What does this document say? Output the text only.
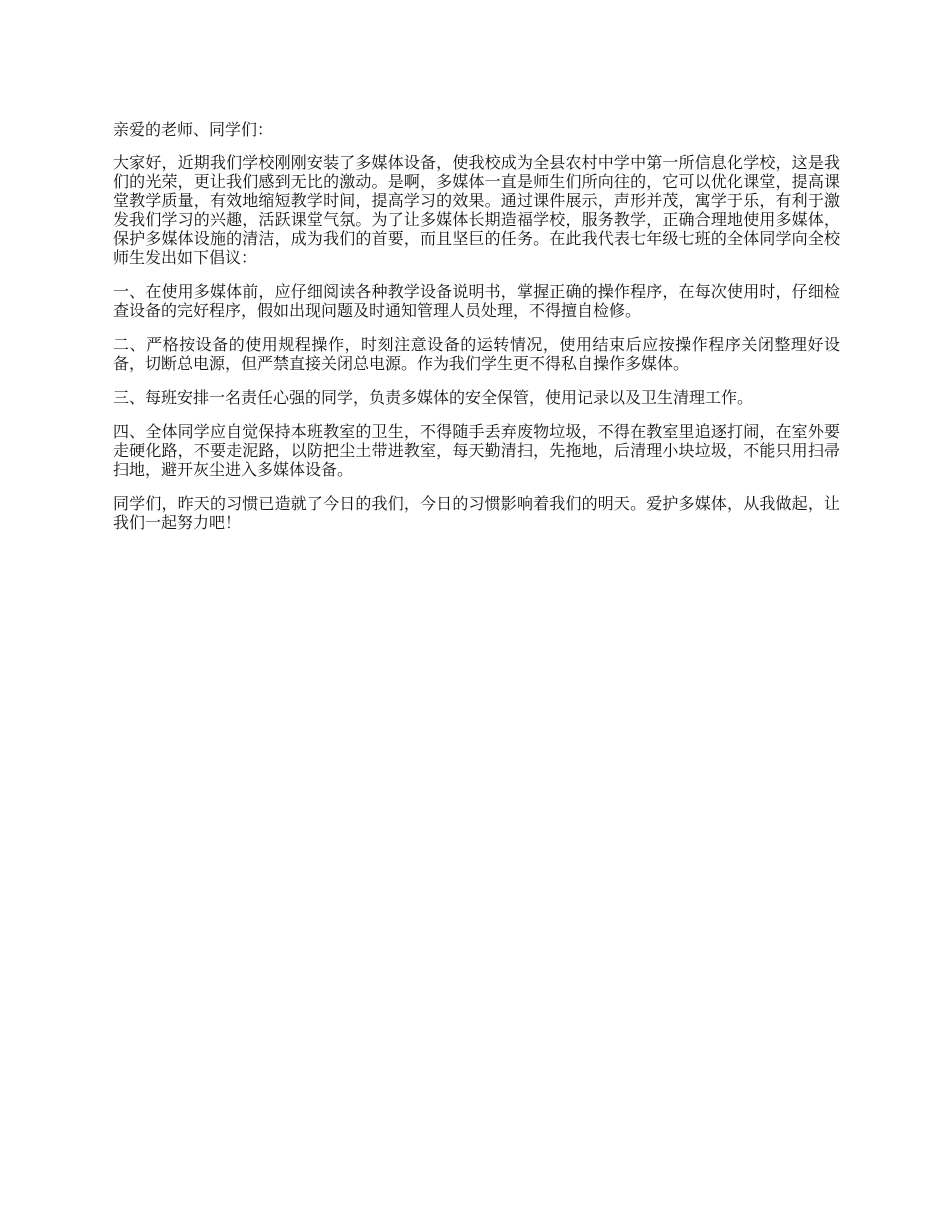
亲爱的老师、同学们：

大家好，近期我们学校刚刚安装了多媒体设备，使我校成为全县农村中学中第一所信息化学校，这是我们的光荣，更让我们感到无比的激动。是啊，多媒体一直是师生们所向往的，它可以优化课堂，提高课堂教学质量，有效地缩短教学时间，提高学习的效果。通过课件展示，声形并茂，寓学于乐，有利于激发我们学习的兴趣，活跃课堂气氛。为了让多媒体长期造福学校，服务教学，正确合理地使用多媒体，保护多媒体设施的清洁，成为我们的首要，而且坚巨的任务。在此我代表七年级七班的全体同学向全校师生发出如下倡议：

一、在使用多媒体前，应仔细阅读各种教学设备说明书，掌握正确的操作程序，在每次使用时，仔细检查设备的完好程序，假如出现问题及时通知管理人员处理，不得擅自检修。

二、严格按设备的使用规程操作，时刻注意设备的运转情况，使用结束后应按操作程序关闭整理好设备，切断总电源，但严禁直接关闭总电源。作为我们学生更不得私自操作多媒体。

三、每班安排一名责任心强的同学，负责多媒体的安全保管，使用记录以及卫生清理工作。

四、全体同学应自觉保持本班教室的卫生，不得随手丢弃废物垃圾，不得在教室里追逐打闹，在室外要走硬化路，不要走泥路，以防把尘土带进教室，每天勤清扫，先拖地，后清理小块垃圾，不能只用扫帚扫地，避开灰尘进入多媒体设备。

同学们，昨天的习惯已造就了今日的我们，今日的习惯影响着我们的明天。爱护多媒体，从我做起，让我们一起努力吧！
